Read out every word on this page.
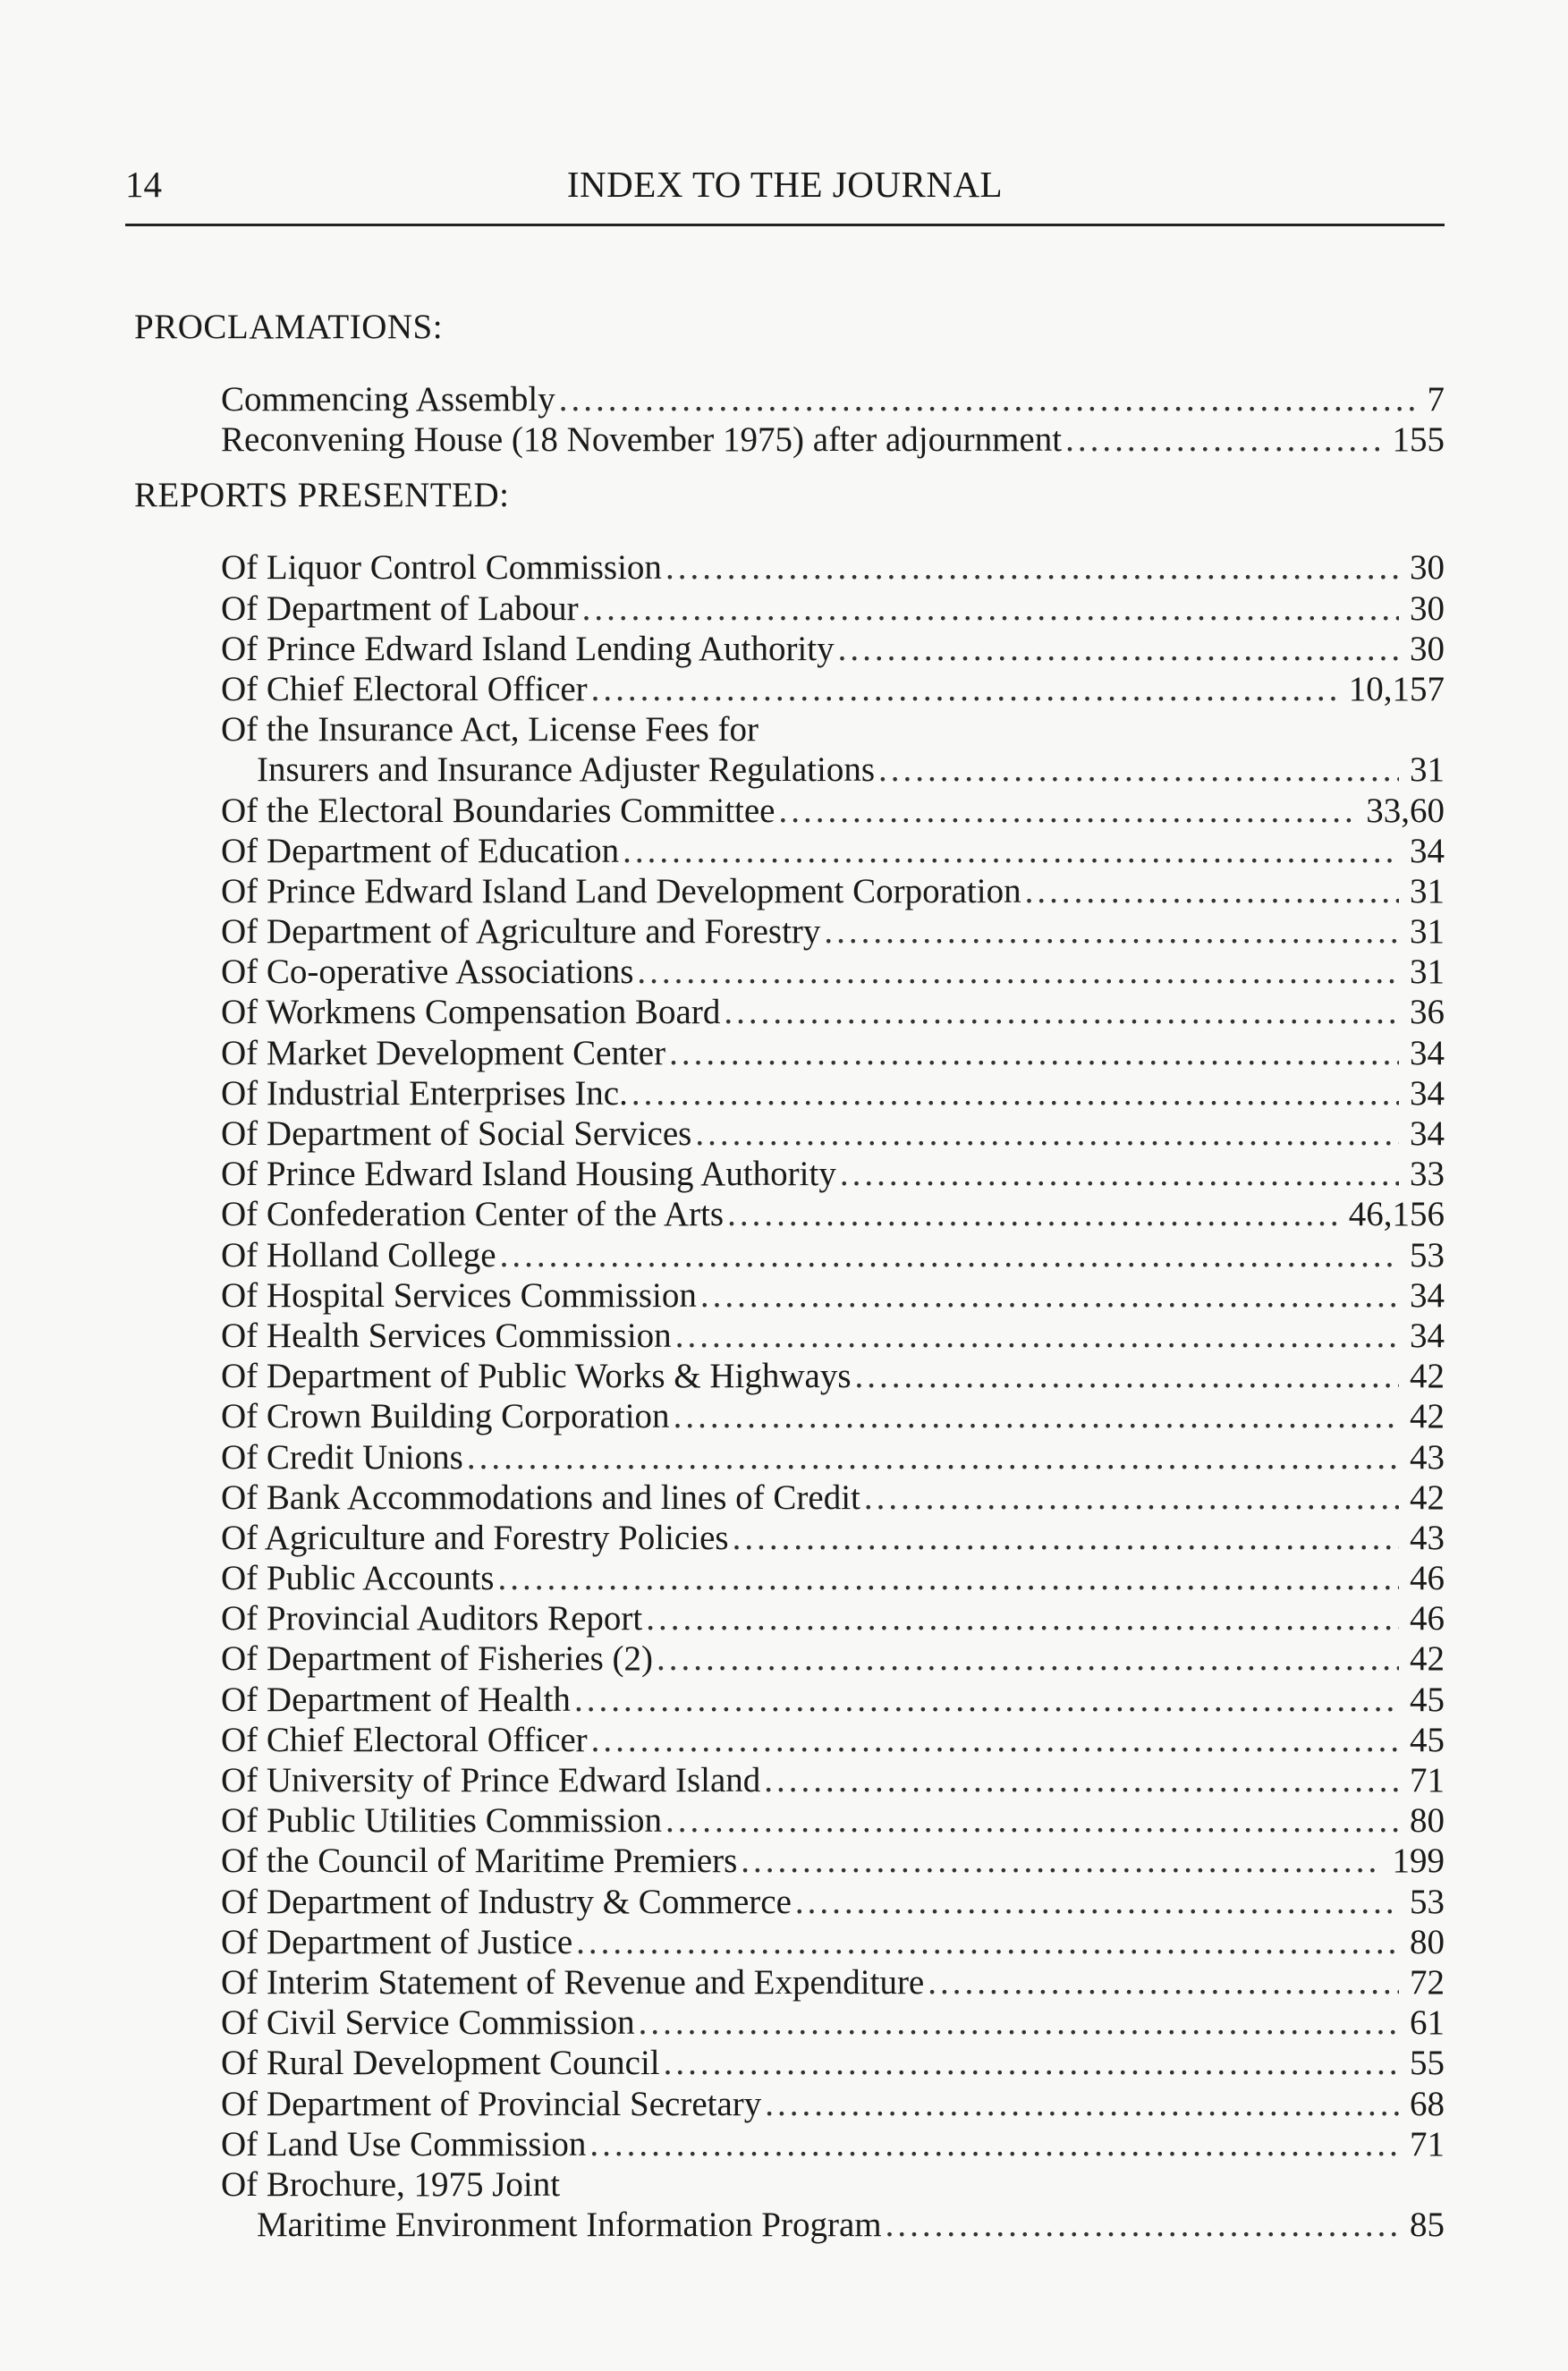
14	INDEX TO THE JOURNAL
PROCLAMATIONS:
Commencing Assembly .....	7
Reconvening House (18 November 1975) after adjournment .....	155
REPORTS PRESENTED:
Of Liquor Control Commission .....	30
Of Department of Labour .....	30
Of Prince Edward Island Lending Authority .....	30
Of Chief Electoral Officer .....	10,157
Of the Insurance Act, License Fees for
Insurers and Insurance Adjuster Regulations .....	31
Of the Electoral Boundaries Committee .....	33,60
Of Department of Education .....	34
Of Prince Edward Island Land Development Corporation .....	31
Of Department of Agriculture and Forestry .....	31
Of Co-operative Associations .....	31
Of Workmens Compensation Board .....	36
Of Market Development Center .....	34
Of Industrial Enterprises Inc. .....	34
Of Department of Social Services .....	34
Of Prince Edward Island Housing Authority .....	33
Of Confederation Center of the Arts .....	46,156
Of Holland College .....	53
Of Hospital Services Commission .....	34
Of Health Services Commission .....	34
Of Department of Public Works & Highways .....	42
Of Crown Building Corporation .....	42
Of Credit Unions .....	43
Of Bank Accommodations and lines of Credit .....	42
Of Agriculture and Forestry Policies .....	43
Of Public Accounts .....	46
Of Provincial Auditors Report .....	46
Of Department of Fisheries (2) .....	42
Of Department of Health .....	45
Of Chief Electoral Officer .....	45
Of University of Prince Edward Island .....	71
Of Public Utilities Commission .....	80
Of the Council of Maritime Premiers .....	199
Of Department of Industry & Commerce .....	53
Of Department of Justice .....	80
Of Interim Statement of Revenue and Expenditure .....	72
Of Civil Service Commission .....	61
Of Rural Development Council .....	55
Of Department of Provincial Secretary .....	68
Of Land Use Commission .....	71
Of Brochure, 1975 Joint
Maritime Environment Information Program .....	85
